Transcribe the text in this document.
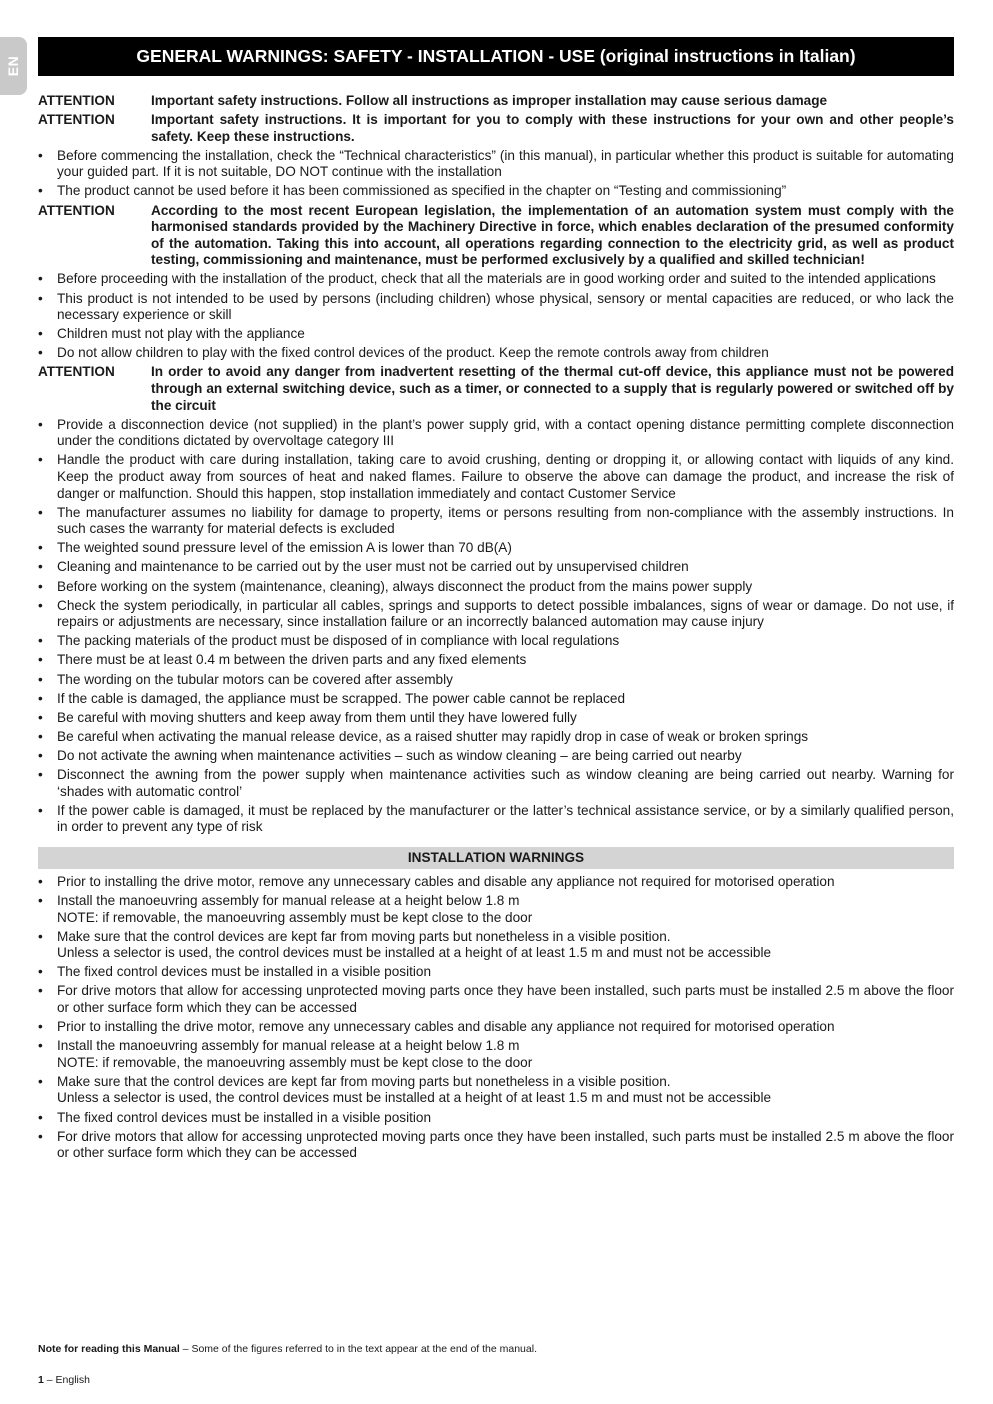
EN	GENERAL WARNINGS: SAFETY - INSTALLATION - USE (original instructions in Italian)
ATTENTION	Important safety instructions. Follow all instructions as improper installation may cause serious damage
ATTENTION	Important safety instructions. It is important for you to comply with these instructions for your own and other people’s safety. Keep these instructions.
•	Before commencing the installation, check the “Technical characteristics” (in this manual), in particular whether this product is suitable for automating your guided part. If it is not suitable, DO NOT continue with the installation
•	The product cannot be used before it has been commissioned as specified in the chapter on “Testing and commissioning”
ATTENTION	According to the most recent European legislation, the implementation of an automation system must comply with the harmonised standards provided by the Machinery Directive in force, which enables declaration of the presumed conformity of the automation. Taking this into account, all operations regarding connection to the electricity grid, as well as product testing, commissioning and maintenance, must be performed exclusively by a qualified and skilled technician!
•	Before proceeding with the installation of the product, check that all the materials are in good working order and suited to the intended applications
•	This product is not intended to be used by persons (including children) whose physical, sensory or mental capacities are reduced, or who lack the necessary experience or skill
•	Children must not play with the appliance
•	Do not allow children to play with the fixed control devices of the product. Keep the remote controls away from children
ATTENTION	In order to avoid any danger from inadvertent resetting of the thermal cut-off device, this appliance must not be powered through an external switching device, such as a timer, or connected to a supply that is regularly powered or switched off by the circuit
•	Provide a disconnection device (not supplied) in the plant’s power supply grid, with a contact opening distance permitting complete disconnection under the conditions dictated by overvoltage category III
•	Handle the product with care during installation, taking care to avoid crushing, denting or dropping it, or allowing contact with liquids of any kind. Keep the product away from sources of heat and naked flames. Failure to observe the above can damage the product, and increase the risk of danger or malfunction. Should this happen, stop installation immediately and contact Customer Service
•	The manufacturer assumes no liability for damage to property, items or persons resulting from non-compliance with the assembly instructions. In such cases the warranty for material defects is excluded
•	The weighted sound pressure level of the emission A is lower than 70 dB(A)
•	Cleaning and maintenance to be carried out by the user must not be carried out by unsupervised children
•	Before working on the system (maintenance, cleaning), always disconnect the product from the mains power supply
•	Check the system periodically, in particular all cables, springs and supports to detect possible imbalances, signs of wear or damage. Do not use, if repairs or adjustments are necessary, since installation failure or an incorrectly balanced automation may cause injury
•	The packing materials of the product must be disposed of in compliance with local regulations
•	There must be at least 0.4 m between the driven parts and any fixed elements
•	The wording on the tubular motors can be covered after assembly
•	If the cable is damaged, the appliance must be scrapped. The power cable cannot be replaced
•	Be careful with moving shutters and keep away from them until they have lowered fully
•	Be careful when activating the manual release device, as a raised shutter may rapidly drop in case of weak or broken springs
•	Do not activate the awning when maintenance activities – such as window cleaning – are being carried out nearby
•	Disconnect the awning from the power supply when maintenance activities such as window cleaning are being carried out nearby. Warning for ‘shades with automatic control’
•	If the power cable is damaged, it must be replaced by the manufacturer or the latter’s technical assistance service, or by a similarly qualified person, in order to prevent any type of risk
INSTALLATION WARNINGS
•	Prior to installing the drive motor, remove any unnecessary cables and disable any appliance not required for motorised operation
•	Install the manoeuvring assembly for manual release at a height below 1.8 m
NOTE: if removable, the manoeuvring assembly must be kept close to the door
•	Make sure that the control devices are kept far from moving parts but nonetheless in a visible position.
Unless a selector is used, the control devices must be installed at a height of at least 1.5 m and must not be accessible
•	The fixed control devices must be installed in a visible position
•	For drive motors that allow for accessing unprotected moving parts once they have been installed, such parts must be installed 2.5 m above the floor or other surface form which they can be accessed
•	Prior to installing the drive motor, remove any unnecessary cables and disable any appliance not required for motorised operation
•	Install the manoeuvring assembly for manual release at a height below 1.8 m
NOTE: if removable, the manoeuvring assembly must be kept close to the door
•	Make sure that the control devices are kept far from moving parts but nonetheless in a visible position.
Unless a selector is used, the control devices must be installed at a height of at least 1.5 m and must not be accessible
•	The fixed control devices must be installed in a visible position
•	For drive motors that allow for accessing unprotected moving parts once they have been installed, such parts must be installed 2.5 m above the floor or other surface form which they can be accessed
Note for reading this Manual – Some of the figures referred to in the text appear at the end of the manual.
1 – English
